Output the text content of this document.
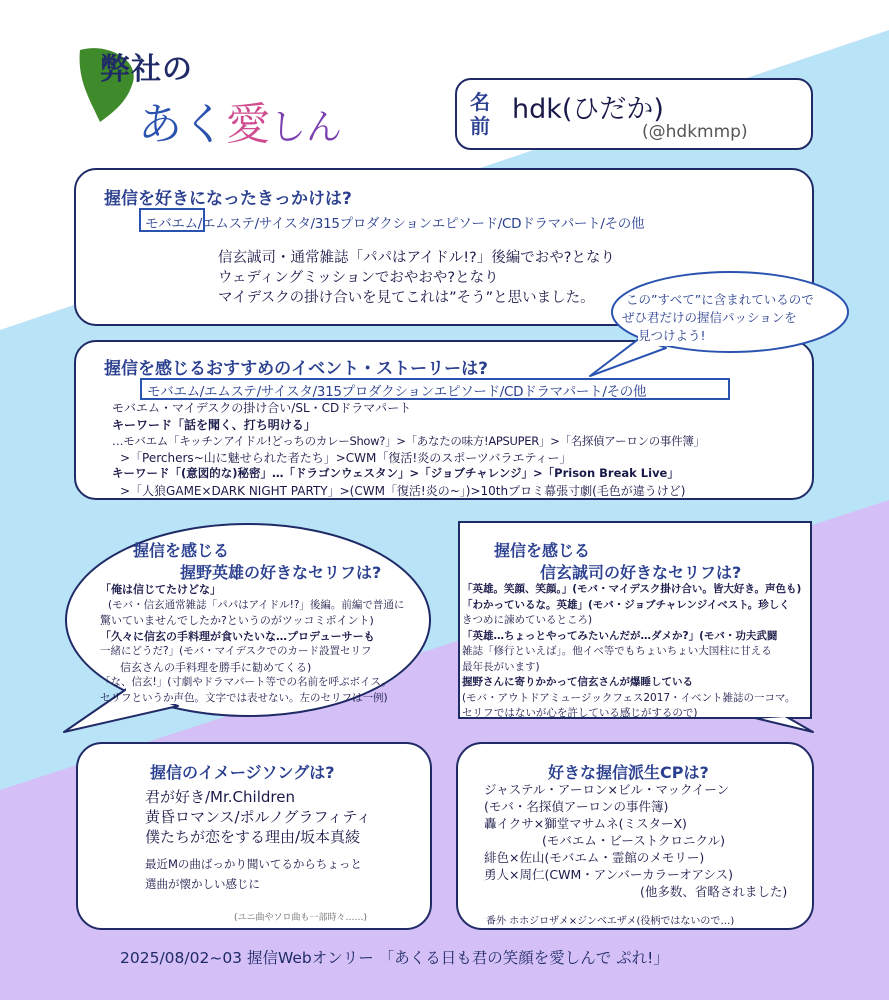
弊社の
あく愛しん
名
前
hdk(ひだか)
(@hdkmmp)
握信を好きになったきっかけは?
モバエム/エムステ/サイスタ/315プロダクションエピソード/CDドラマパート/その他
信玄誠司・通常雑誌「パパはアイドル!?」後編でおや?となり
ウェディングミッションでおやおや?となり
マイデスクの掛け合いを見てこれは”そう”と思いました。	この”すべて”に含まれているので
ぜひ君だけの握信パッションを
見つけよう!
握信を感じるおすすめのイベント・ストーリーは?
モバエム/エムステ/サイスタ/315プロダクションエピソード/CDドラマパート/その他
モバエム・マイデスクの掛け合い/SL・CDドラマパート
キーワード「話を聞く、打ち明ける」
…モバエム「キッチンアイドル!どっちのカレーShow?」>「あなたの味方!APSUPER」>「名探偵アーロンの事件簿」
>「Perchers~山に魅せられた者たち」>CWM「復活!炎のスポーツバラエティー」
キーワード「(意図的な)秘密」…「ドラゴンウェスタン」>「ジョブチャレンジ」>「Prison Break Live」
>「人狼GAME×DARK NIGHT PARTY」>(CWM「復活!炎の~」)>10thプロミ幕張寸劇(毛色が違うけど)
握信を感じる
握野英雄の好きなセリフは?
「俺は信じてたけどな」
(モバ・信玄通常雑誌「パパはアイドル!?」後編。前編で普通に
驚いていませんでしたか?というのがツッコミポイント)
「久々に信玄の手料理が食いたいな…プロデューサーも
一緒にどうだ?」(モバ・マイデスクでのカード設置セリフ
信玄さんの手料理を勝手に勧めてくる)
「な、信玄!」(寸劇やドラマパート等での名前を呼ぶボイス。
セリフというか声色。文字では表せない。左のセリフは一例)
握信を感じる
信玄誠司の好きなセリフは?
「英雄。笑顔、笑顔。」(モバ・マイデスク掛け合い。皆大好き。声色も)
「わかっているな。英雄」(モバ・ジョブチャレンジイベスト。珍しく
きつめに諫めているところ)
「英雄…ちょっとやってみたいんだが…ダメか?」(モバ・功夫武闘
雑誌「修行といえば」。他イベ等でもちょいちょい大国柱に甘える
最年長がいます)
握野さんに寄りかかって信玄さんが爆睡している
(モバ・アウトドアミュージックフェス2017・イベント雑誌の一コマ。
セリフではないが心を許している感じがするので)
握信のイメージソングは?
君が好き/Mr.Children
黄昏ロマンス/ポルノグラフィティ
僕たちが恋をする理由/坂本真綾
最近Mの曲ばっかり聞いてるからちょっと
選曲が懐かしい感じに
(ユニ曲やソロ曲も一部時々……)
好きな握信派生CPは?
ジャステル・アーロン×ビル・マックイーン
(モバ・名探偵アーロンの事件簿)
轟イクサ×獅堂マサムネ(ミスターX)
(モバエム・ビーストクロニクル)
緋色×佐山(モバエム・霊館のメモリー)
勇人×周仁(CWM・アンバーカラーオアシス)
(他多数、省略されました)
番外 ホホジロザメ×ジンベエザメ(役柄ではないので…)
2025/08/02~03 握信Webオンリー 「あくる日も君の笑顔を愛しんで ぷれ!」
